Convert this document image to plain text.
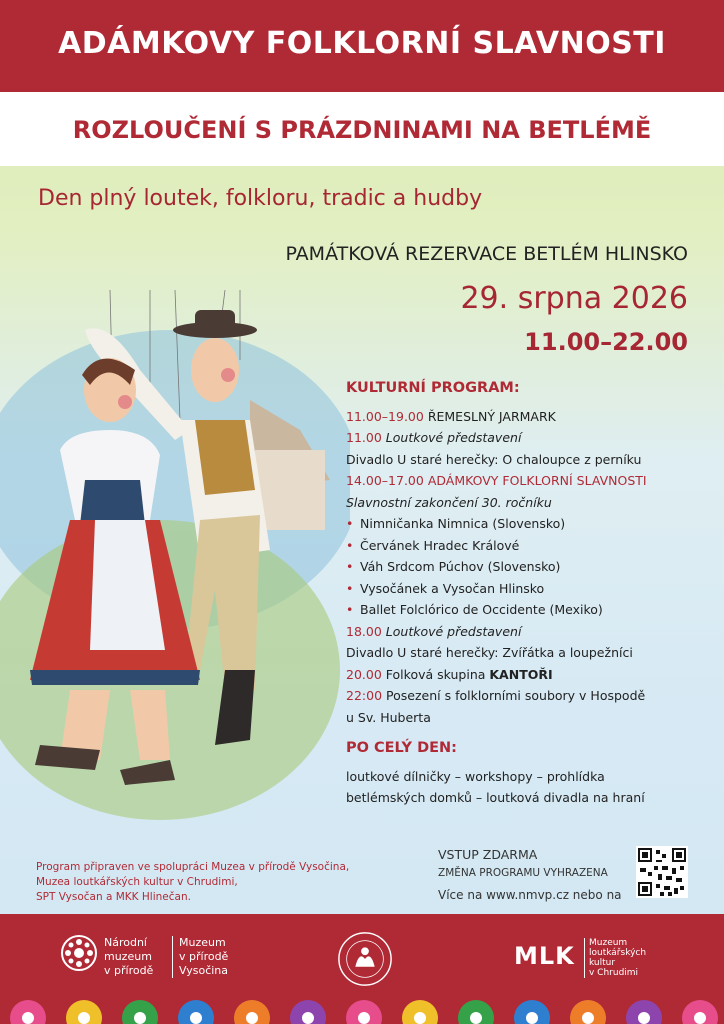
ADÁMKOVY FOLKLORNÍ SLAVNOSTI
ROZLOUČENÍ S PRÁZDNINAMI NA BETLÉMĚ
Den plný loutek, folkloru, tradic a hudby
PAMÁTKOVÁ REZERVACE BETLÉM HLINSKO
29. srpna 2026
11.00–22.00
KULTURNÍ PROGRAM:
11.00–19.00 ŘEMESLNÝ JARMARK
11.00 Loutkové představení
Divadlo U staré herečky: O chaloupce z perníku
14.00–17.00 ADÁMKOVY FOLKLORNÍ SLAVNOSTI
Slavnostní zakončení 30. ročníku
• Nimničanka Nimnica (Slovensko)
• Červánek Hradec Králové
• Váh Srdcom Púchov (Slovensko)
• Vysočánek a Vysočan Hlinsko
• Ballet Folclórico de Occidente (Mexiko)
18.00 Loutkové představení
Divadlo U staré herečky: Zvířátka a loupežníci
20.00 Folková skupina KANTOŘI
22:00 Posezení s folklorními soubory v Hospodě
u Sv. Huberta
PO CELÝ DEN:
loutkové dílničky – workshopy – prohlídka
betlémských domků – loutková divadla na hraní
Program připraven ve spolupráci Muzea v přírodě Vysočina,
Muzea loutkářských kultur v Chrudimi,
SPT Vysočan a MKK Hlinečan.
VSTUP ZDARMA
ZMĚNA PROGRAMU VYHRAZENA
Více na www.nmvp.cz nebo na
Národní
muzeum
v přírodě
Muzeum
v přírodě
Vysočina
MLK Muzeum
loutkářských
kultur
v Chrudimi
